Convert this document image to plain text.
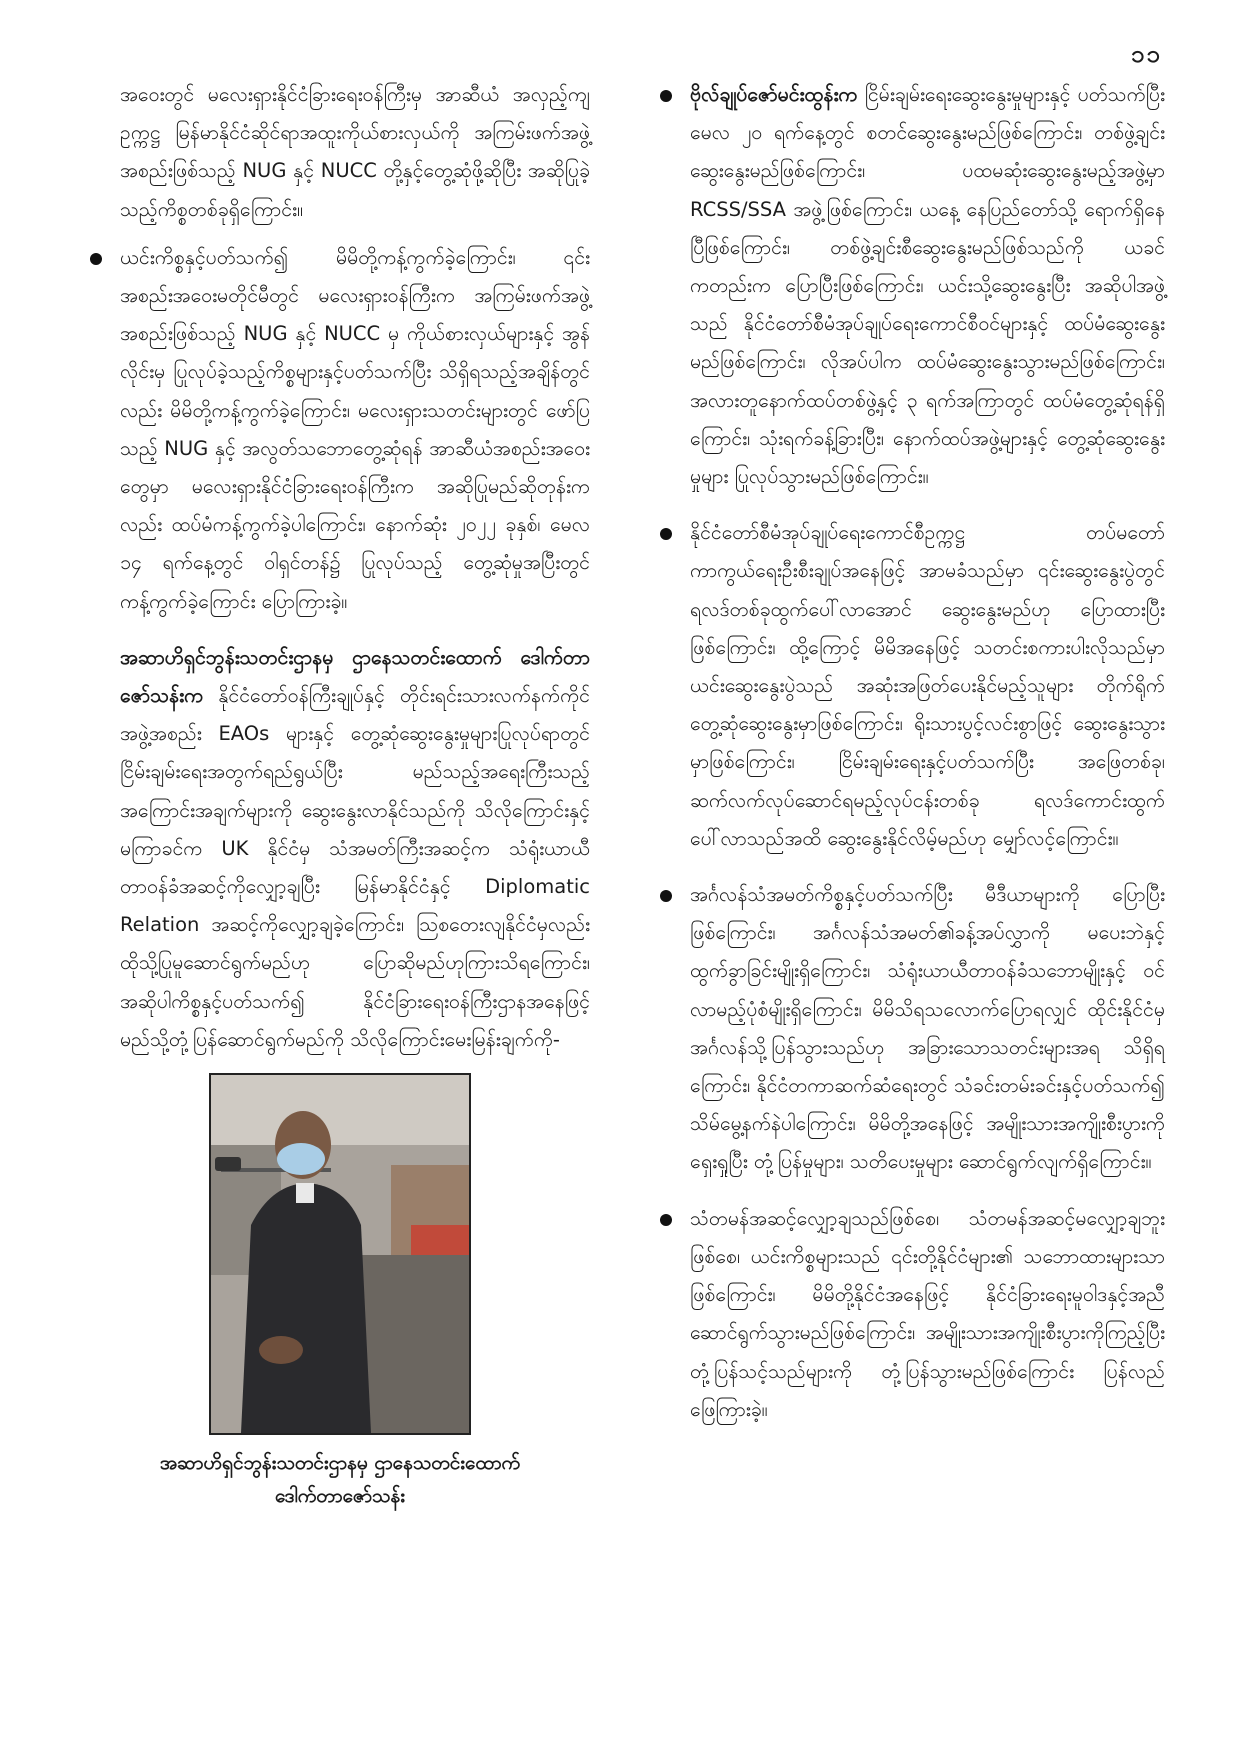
၁၁

အဝေးတွင် မလေးရှားနိုင်ငံခြားရေးဝန်ကြီးမှ အာဆီယံ အလှည့်ကျဥက္ကဋ္ဌ မြန်မာနိုင်ငံဆိုင်ရာအထူးကိုယ်စားလှယ်ကို အကြမ်းဖက်အဖွဲ့အစည်းဖြစ်သည့် NUG နှင့် NUCC တို့နှင့်တွေ့ဆုံဖို့ဆိုပြီး အဆိုပြုခဲ့သည့်ကိစ္စတစ်ခုရှိကြောင်း။

ယင်းကိစ္စနှင့်ပတ်သက်၍ မိမိတို့ကန့်ကွက်ခဲ့ကြောင်း၊ ၎င်းအစည်းအဝေးမတိုင်မီတွင် မလေးရှားဝန်ကြီးက အကြမ်းဖက်အဖွဲ့အစည်းဖြစ်သည့် NUG နှင့် NUCC မှ ကိုယ်စားလှယ်များနှင့် အွန်လိုင်းမှ ပြုလုပ်ခဲ့သည့်ကိစ္စများနှင့်ပတ်သက်ပြီး သိရှိရသည့်အချိန်တွင်လည်း မိမိတို့ကန့်ကွက်ခဲ့ကြောင်း၊ မလေးရှားသတင်းများတွင် ဖော်ပြသည့် NUG နှင့် အလွတ်သဘောတွေ့ဆုံရန် အာဆီယံအစည်းအဝေးတွေမှာ မလေးရှားနိုင်ငံခြားရေးဝန်ကြီးက အဆိုပြုမည်ဆိုတုန်းကလည်း ထပ်မံကန့်ကွက်ခဲ့ပါကြောင်း၊ နောက်ဆုံး ၂၀၂၂ ခုနှစ်၊ မေလ ၁၄ ရက်နေ့တွင် ဝါရှင်တန်၌ ပြုလုပ်သည့် တွေ့ဆုံမှုအပြီးတွင် ကန့်ကွက်ခဲ့ကြောင်း ပြောကြားခဲ့။

အဆာဟိရှင်ဘွန်းသတင်းဌာနမှ ဌာနေသတင်းထောက် ဒေါက်တာဇော်သန်းက နိုင်ငံတော်ဝန်ကြီးချုပ်နှင့် တိုင်းရင်းသားလက်နက်ကိုင်အဖွဲ့အစည်း EAOs များနှင့် တွေ့ဆုံဆွေးနွေးမှုများပြုလုပ်ရာတွင် ငြိမ်းချမ်းရေးအတွက်ရည်ရွယ်ပြီး မည်သည့်အရေးကြီးသည့်အကြောင်းအချက်များကို ဆွေးနွေးလာနိုင်သည်ကို သိလိုကြောင်းနှင့် မကြာခင်က UK နိုင်ငံမှ သံအမတ်ကြီးအဆင့်က သံရုံးယာယီတာဝန်ခံအဆင့်ကိုလျှော့ချပြီး မြန်မာနိုင်ငံနှင့် Diplomatic Relation အဆင့်ကိုလျှော့ချခဲ့ကြောင်း၊ ဩစတေးလျနိုင်ငံမှလည်း ထိုသို့ပြုမူဆောင်ရွက်မည်ဟု ပြောဆိုမည်ဟုကြားသိရကြောင်း၊ အဆိုပါကိစ္စနှင့်ပတ်သက်၍ နိုင်ငံခြားရေးဝန်ကြီးဌာနအနေဖြင့် မည်သို့တုံ့ပြန်ဆောင်ရွက်မည်ကို သိလိုကြောင်းမေးမြန်းချက်ကို-

အဆာဟိရှင်ဘွန်းသတင်းဌာနမှ ဌာနေသတင်းထောက်
ဒေါက်တာဇော်သန်း
ဗိုလ်ချုပ်ဇော်မင်းထွန်းက ငြိမ်းချမ်းရေးဆွေးနွေးမှုများနှင့် ပတ်သက်ပြီး မေလ ၂၀ ရက်နေ့တွင် စတင်ဆွေးနွေးမည်ဖြစ်ကြောင်း၊ တစ်ဖွဲ့ချင်းဆွေးနွေးမည်ဖြစ်ကြောင်း၊ ပထမဆုံးဆွေးနွေးမည့်အဖွဲ့မှာ RCSS/SSA အဖွဲ့ဖြစ်ကြောင်း၊ ယနေ့ နေပြည်တော်သို့ ရောက်ရှိနေပြီဖြစ်ကြောင်း၊ တစ်ဖွဲ့ချင်းစီဆွေးနွေးမည်ဖြစ်သည်ကို ယခင်ကတည်းက ပြောပြီးဖြစ်ကြောင်း၊ ယင်းသို့ဆွေးနွေးပြီး အဆိုပါအဖွဲ့သည် နိုင်ငံတော်စီမံအုပ်ချုပ်ရေးကောင်စီဝင်များနှင့် ထပ်မံဆွေးနွေးမည်ဖြစ်ကြောင်း၊ လိုအပ်ပါက ထပ်မံဆွေးနွေးသွားမည်ဖြစ်ကြောင်း၊ အလားတူနောက်ထပ်တစ်ဖွဲ့နှင့် ၃ ရက်အကြာတွင် ထပ်မံတွေ့ဆုံရန်ရှိကြောင်း၊ သုံးရက်ခန့်ခြားပြီး၊ နောက်ထပ်အဖွဲ့များနှင့် တွေ့ဆုံဆွေးနွေးမှုများ ပြုလုပ်သွားမည်ဖြစ်ကြောင်း။
နိုင်ငံတော်စီမံအုပ်ချုပ်ရေးကောင်စီဥက္ကဋ္ဌ တပ်မတော်ကာကွယ်ရေးဦးစီးချုပ်အနေဖြင့် အာမခံသည်မှာ ၎င်းဆွေးနွေးပွဲတွင် ရလဒ်တစ်ခုထွက်ပေါ်လာအောင် ဆွေးနွေးမည်ဟု ပြောထားပြီးဖြစ်ကြောင်း၊ ထို့ကြောင့် မိမိအနေဖြင့် သတင်းစကားပါးလိုသည်မှာ ယင်းဆွေးနွေးပွဲသည် အဆုံးအဖြတ်ပေးနိုင်မည့်သူများ တိုက်ရိုက်တွေ့ဆုံဆွေးနွေးမှာဖြစ်ကြောင်း၊ ရိုးသားပွင့်လင်းစွာဖြင့် ဆွေးနွေးသွားမှာဖြစ်ကြောင်း၊ ငြိမ်းချမ်းရေးနှင့်ပတ်သက်ပြီး အဖြေတစ်ခု၊ ဆက်လက်လုပ်ဆောင်ရမည့်လုပ်ငန်းတစ်ခု ရလဒ်ကောင်းထွက်ပေါ်လာသည်အထိ ဆွေးနွေးနိုင်လိမ့်မည်ဟု မျှော်လင့်ကြောင်း။
အင်္ဂလန်သံအမတ်ကိစ္စနှင့်ပတ်သက်ပြီး မီဒီယာများကို ပြောပြီးဖြစ်ကြောင်း၊ အင်္ဂလန်သံအမတ်၏ခန့်အပ်လွှာကို မပေးဘဲနှင့်ထွက်ခွာခြင်းမျိုးရှိကြောင်း၊ သံရုံးယာယီတာဝန်ခံသဘောမျိုးနှင့် ဝင်လာမည့်ပုံစံမျိုးရှိကြောင်း၊ မိမိသိရသလောက်ပြောရလျှင် ထိုင်းနိုင်ငံမှ အင်္ဂလန်သို့ပြန်သွားသည်ဟု အခြားသောသတင်းများအရ သိရှိရကြောင်း၊ နိုင်ငံတကာဆက်ဆံရေးတွင် သံခင်းတမ်းခင်းနှင့်ပတ်သက်၍ သိမ်မွေ့နက်နဲပါကြောင်း၊ မိမိတို့အနေဖြင့် အမျိုးသားအကျိုးစီးပွားကိုရှေးရှုပြီး တုံ့ပြန်မှုများ၊ သတိပေးမှုများ ဆောင်ရွက်လျက်ရှိကြောင်း။
သံတမန်အဆင့်လျှော့ချသည်ဖြစ်စေ၊ သံတမန်အဆင့်မလျှော့ချဘူးဖြစ်စေ၊ ယင်းကိစ္စများသည် ၎င်းတို့နိုင်ငံများ၏ သဘောထားများသာဖြစ်ကြောင်း၊ မိမိတို့နိုင်ငံအနေဖြင့် နိုင်ငံခြားရေးမူဝါဒနှင့်အညီ ဆောင်ရွက်သွားမည်ဖြစ်ကြောင်း၊ အမျိုးသားအကျိုးစီးပွားကိုကြည့်ပြီး တုံ့ပြန်သင့်သည်များကို တုံ့ပြန်သွားမည်ဖြစ်ကြောင်း ပြန်လည်ဖြေကြားခဲ့။
